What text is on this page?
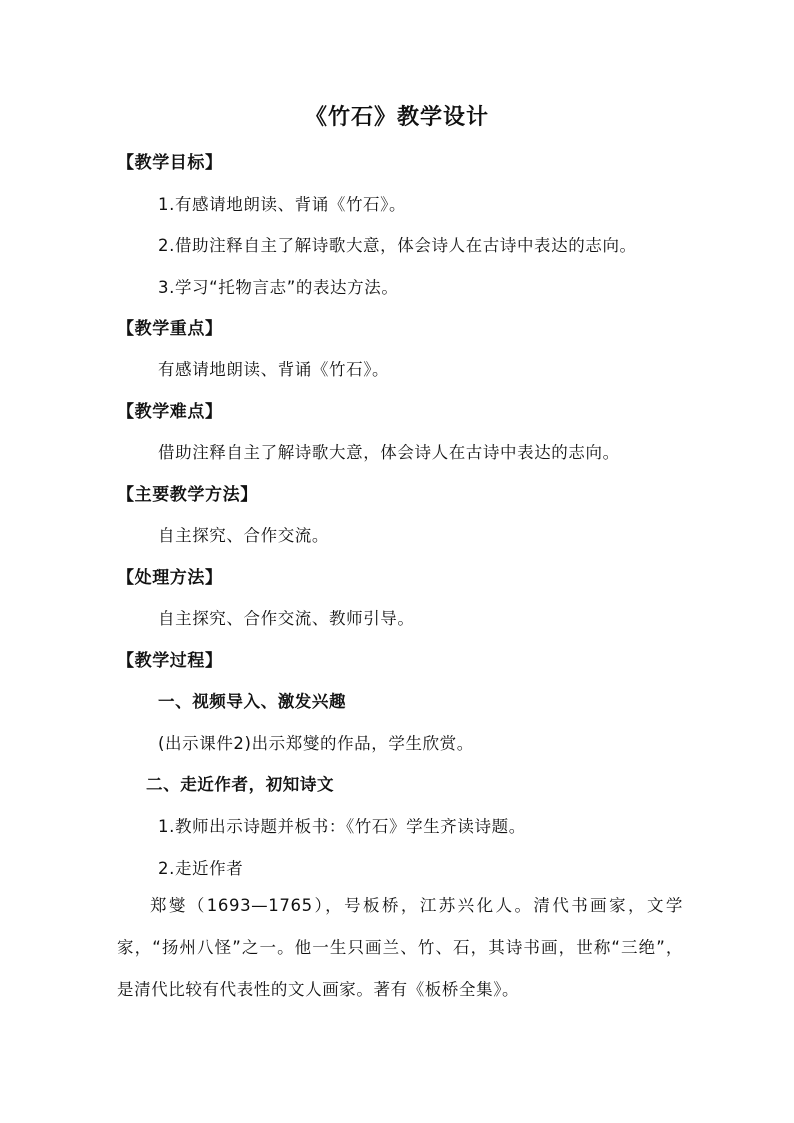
《竹石》教学设计
【教学目标】
1.有感请地朗读、背诵《竹石》。
2.借助注释自主了解诗歌大意，体会诗人在古诗中表达的志向。
3.学习“托物言志”的表达方法。
【教学重点】
有感请地朗读、背诵《竹石》。
【教学难点】
借助注释自主了解诗歌大意，体会诗人在古诗中表达的志向。
【主要教学方法】
自主探究、合作交流。
【处理方法】
自主探究、合作交流、教师引导。
【教学过程】
一、视频导入、激发兴趣
(出示课件2)出示郑燮的作品，学生欣赏。
二、走近作者，初知诗文
1.教师出示诗题并板书：《竹石》学生齐读诗题。
2.走近作者
郑燮（1693—1765），号板桥，江苏兴化人。清代书画家，文学家，“扬州八怪”之一。他一生只画兰、竹、石，其诗书画，世称“三绝”，是清代比较有代表性的文人画家。著有《板桥全集》。
